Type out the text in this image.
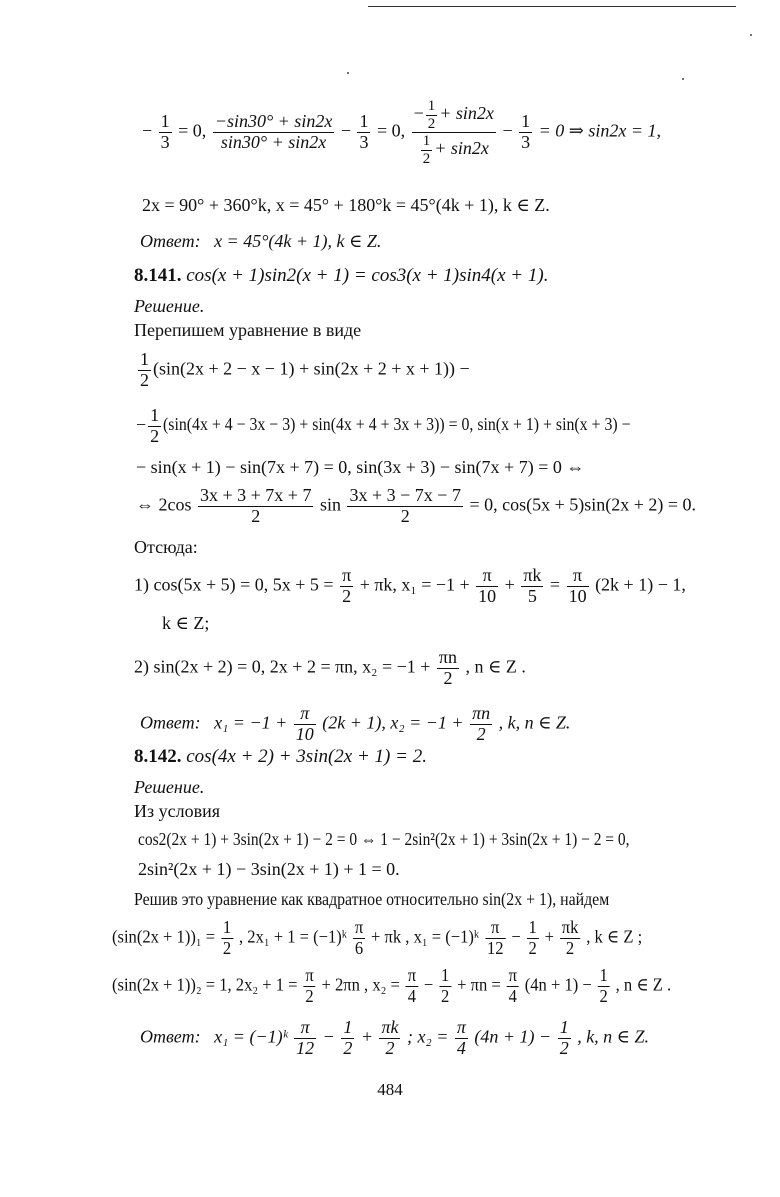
− $\frac{1}{3} = 0$, $\frac{-\sin 30^\circ + \sin 2x}{\sin 30^\circ + \sin 2x} - \frac{1}{3} = 0$, $\frac{- \frac{1}{2} + \sin 2x}{\frac{1}{2} + \sin 2x} - \frac{1}{3} = 0$ ⇒ sin2x = 1,
2x = 90° + 360°k, x = 45° + 180°k = 45°(4k + 1), k ∈ Z.
Ответ: x = 45°(4k + 1), k ∈ Z.
8.141. cos(x + 1)sin2(x + 1) = cos3(x + 1)sin4(x + 1).
Решение.
Перепишем уравнение в виде
$\frac{1}{2} (\sin(2x + 2 - x - 1) + \sin(2x + 2 + x + 1))$ −
− $\frac{1}{2} (\sin(4x + 4 - 3x - 3) + \sin(4x + 4 + 3x + 3)) = 0$, sin(x + 1) + sin(x + 3) −
− sin(x + 1) − sin(7x + 7) = 0, sin(3x + 3) − sin(7x + 7) = 0 ⇔
⇔ $2\cos \frac{3x + 3 + 7x + 7}{2}$ $\sin \frac{3x + 3 - 7x - 7}{2} = 0$, cos(5x + 5)sin(2x + 2) = 0.
Отсюда:
1) cos(5x + 5) = 0, $5x + 5 = \frac{\pi}{2} + \pi k$, $x_1 = -1 + \frac{\pi}{10} + \frac{\pi k}{5} = \frac{\pi}{10} (2k + 1) - 1$,
k ∈ Z;
2) sin(2x + 2) = 0, 2x + 2 = πn, $x_2 = -1 + \frac{\pi n}{2}$ , n ∈ Z .
Ответ: $x_1 = -1 + \frac{\pi}{10} (2k + 1)$, $x_2 = -1 + \frac{\pi n}{2}$ , k, n ∈ Z.
8.142. cos(4x + 2) + 3sin(2x + 1) = 2.
Решение.
Из условия
cos2(2x + 1) + 3sin(2x + 1) − 2 = 0 ⇔ 1 − 2sin²(2x + 1) + 3sin(2x + 1) − 2 = 0,
2sin²(2x + 1) − 3sin(2x + 1) + 1 = 0.
Решив это уравнение как квадратное относительно sin(2x + 1), найдем
$(\sin(2x + 1))_1 = \frac{1}{2}$ , 2x₁ + 1 = (−1)ᵏ $\frac{\pi}{6} + \pi k$ , x₁ = (−1)ᵏ $\frac{\pi}{12} - \frac{1}{2} + \frac{\pi k}{2}$ , k ∈ Z ;
(sin(2x + 1))₂ = 1, $2x_2 + 1 = \frac{\pi}{2} + 2\pi n$ , $x_2 = \frac{\pi}{4} - \frac{1}{2} + \pi n = \frac{\pi}{4} (4n + 1) - \frac{1}{2}$ , n ∈ Z .
Ответ: x₁ = (−1)ᵏ $\frac{\pi}{12} - \frac{1}{2} + \frac{\pi k}{2}$ ; $x_2 = \frac{\pi}{4} (4n + 1) - \frac{1}{2}$ , k, n ∈ Z.
484
